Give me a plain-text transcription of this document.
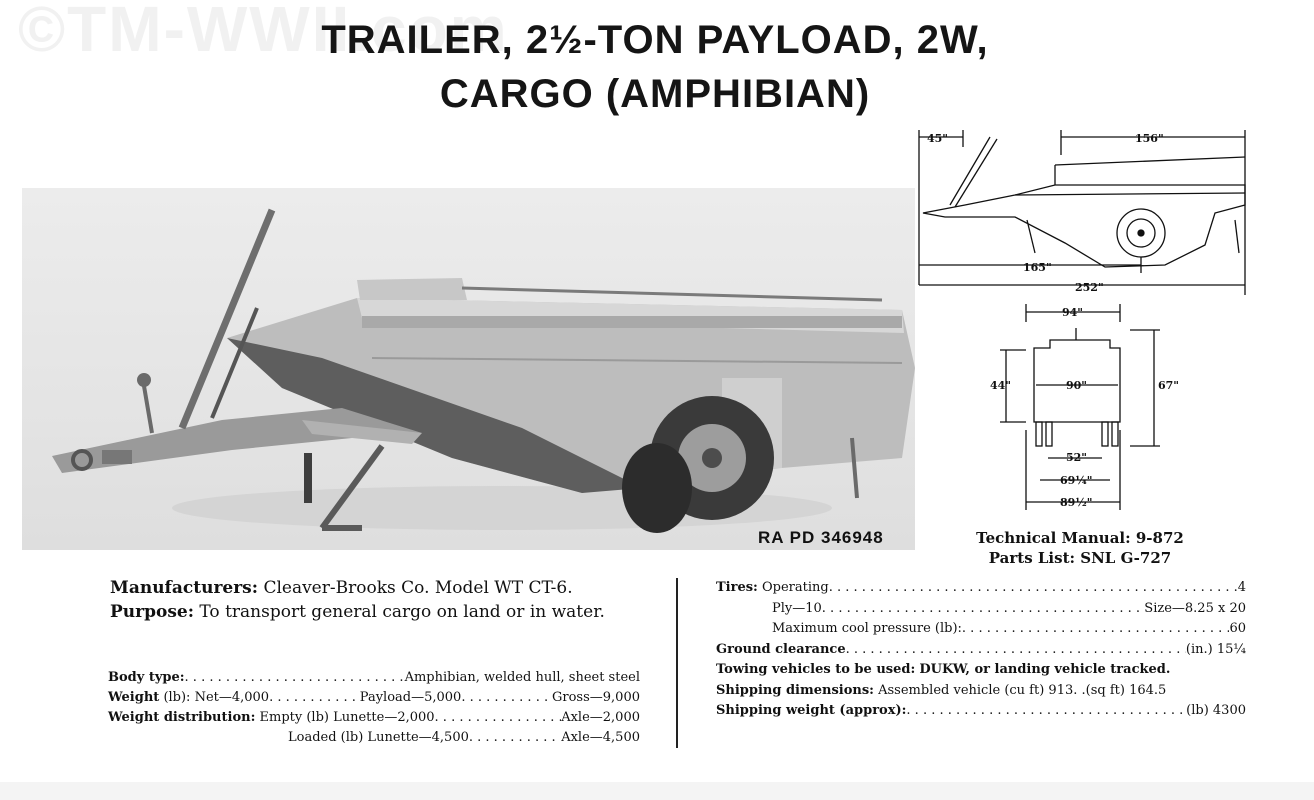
©TM-WWII.com
TRAILER, 2½-TON PAYLOAD, 2W,
CARGO (AMPHIBIAN)
RA PD 346948
45"	156"
165"
252"
94"
90"
44"	67"
52"
69¼"
89½"
Technical Manual: 9-872
Parts List: SNL G-727
Manufacturers: Cleaver-Brooks Co. Model WT CT-6.
Purpose: To transport general cargo on land or in water.
Body type: . . .	Amphibian, welded hull, sheet steel
Weight
(lb): Net—4,000 . . .	Payload—5,000 . . .	Gross—9,000
Weight distribution:
Empty (lb) Lunette—2,000 . . .	Axle—2,000
Loaded (lb) Lunette—4,500 . . .	Axle—4,500
Tires:
Operating . . .	4
Ply—10 . . .	Size—8.25 x 20
Maximum cool pressure (lb): . . .	60
Ground clearance . . .	(in.) 15¼
Towing vehicles to be used:
DUKW, or landing vehicle tracked.
Shipping dimensions:
Assembled vehicle (cu ft) 913. .(sq ft) 164.5
Shipping weight (approx): . . .	(lb) 4300
